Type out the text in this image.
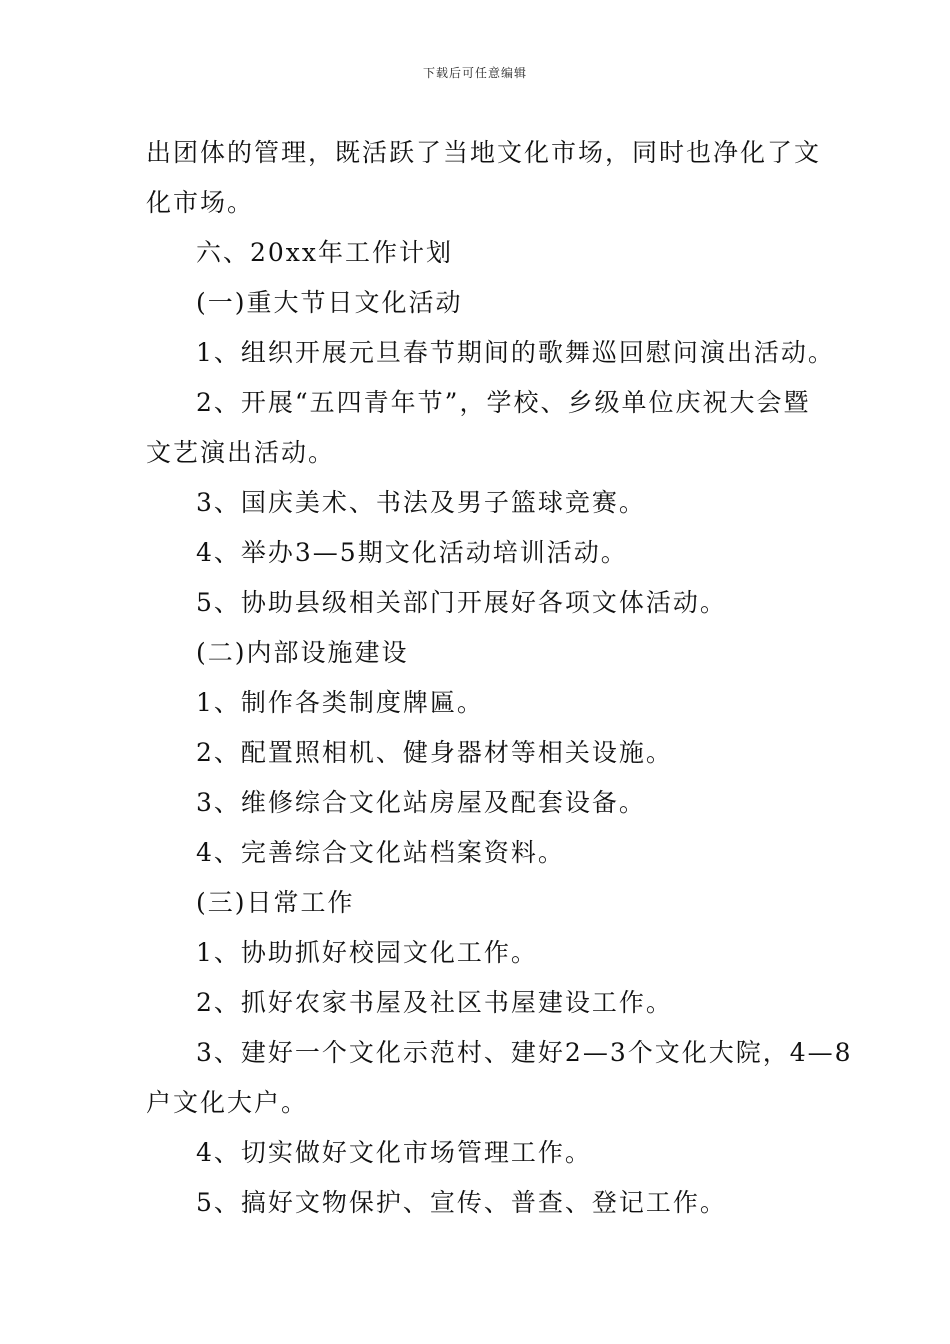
下载后可任意编辑

出团体的管理，既活跃了当地文化市场，同时也净化了文

化市场。

六、20xx年工作计划

(一)重大节日文化活动

1、组织开展元旦春节期间的歌舞巡回慰问演出活动。

2、开展“五四青年节”，学校、乡级单位庆祝大会暨

文艺演出活动。

3、国庆美术、书法及男子篮球竞赛。

4、举办3—5期文化活动培训活动。

5、协助县级相关部门开展好各项文体活动。

(二)内部设施建设

1、制作各类制度牌匾。

2、配置照相机、健身器材等相关设施。

3、维修综合文化站房屋及配套设备。

4、完善综合文化站档案资料。

(三)日常工作

1、协助抓好校园文化工作。

2、抓好农家书屋及社区书屋建设工作。

3、建好一个文化示范村、建好2—3个文化大院，4—8

户文化大户。

4、切实做好文化市场管理工作。

5、搞好文物保护、宣传、普查、登记工作。
